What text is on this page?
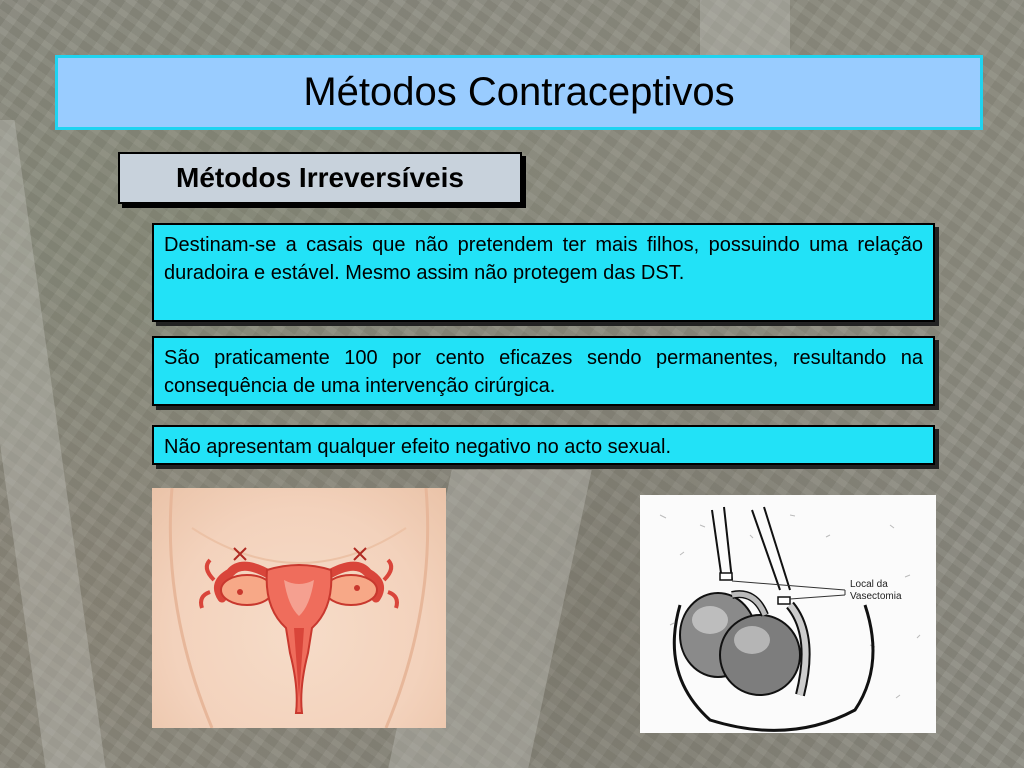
Métodos Contraceptivos
Métodos Irreversíveis
Destinam-se a casais que não pretendem ter mais filhos, possuindo uma relação duradoira e estável. Mesmo assim não protegem das DST.
São praticamente 100 por cento eficazes sendo permanentes, resultando na consequência de uma intervenção cirúrgica.
Não apresentam qualquer efeito negativo no acto sexual.
Local da
Vasectomia
